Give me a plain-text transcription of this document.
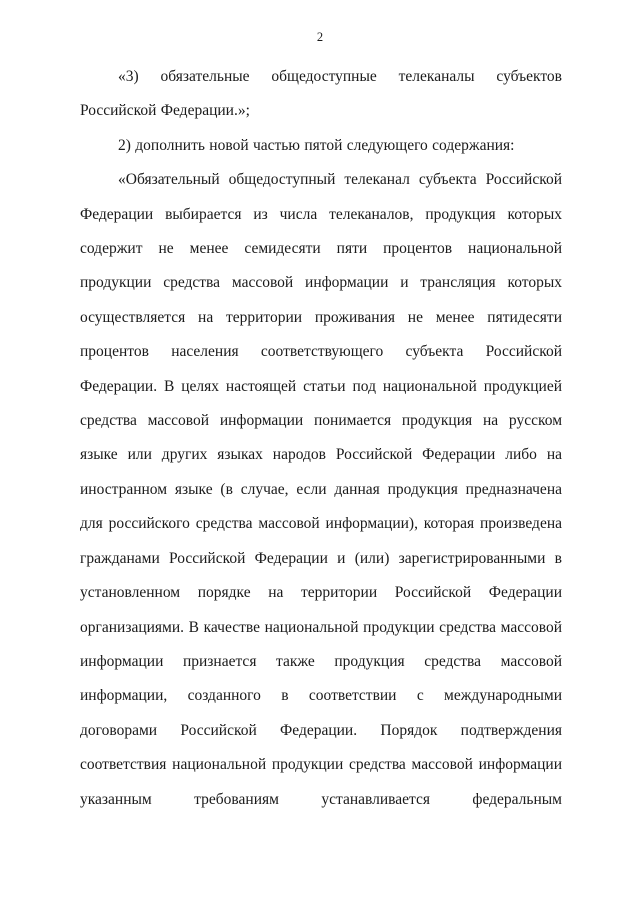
2

«3) обязательные общедоступные телеканалы субъектов Российской Федерации.»;

2) дополнить новой частью пятой следующего содержания:

«Обязательный общедоступный телеканал субъекта Российской Федерации выбирается из числа телеканалов, продукция которых содержит не менее семидесяти пяти процентов национальной продукции средства массовой информации и трансляция которых осуществляется на территории проживания не менее пятидесяти процентов населения соответствующего субъекта Российской Федерации. В целях настоящей статьи под национальной продукцией средства массовой информации понимается продукция на русском языке или других языках народов Российской Федерации либо на иностранном языке (в случае, если данная продукция предназначена для российского средства массовой информации), которая произведена гражданами Российской Федерации и (или) зарегистрированными в установленном порядке на территории Российской Федерации организациями. В качестве национальной продукции средства массовой информации признается также продукция средства массовой информации, созданного в соответствии с международными договорами Российской Федерации. Порядок подтверждения соответствия национальной продукции средства массовой информации указанным требованиям устанавливается федеральным
